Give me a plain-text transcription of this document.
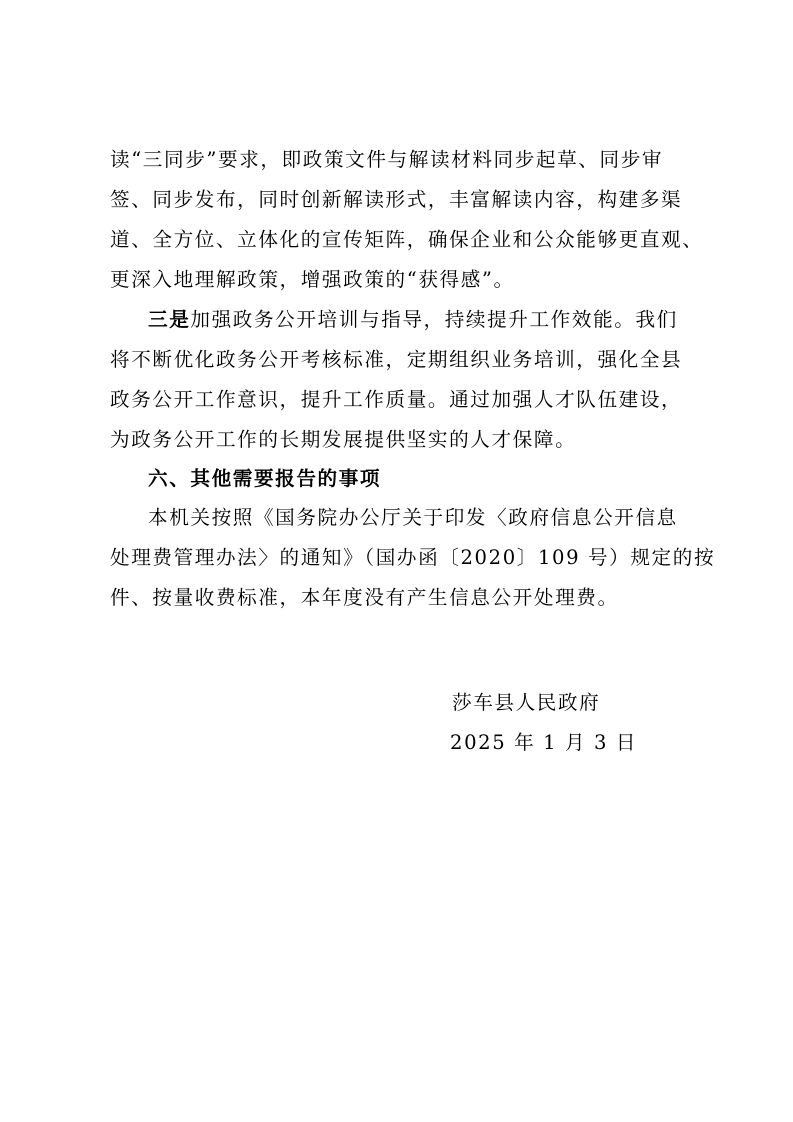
读“三同步”要求，即政策文件与解读材料同步起草、同步审
签、同步发布，同时创新解读形式，丰富解读内容，构建多渠
道、全方位、立体化的宣传矩阵，确保企业和公众能够更直观、
更深入地理解政策，增强政策的“获得感”。
三是加强政务公开培训与指导，持续提升工作效能。我们
将不断优化政务公开考核标准，定期组织业务培训，强化全县
政务公开工作意识，提升工作质量。通过加强人才队伍建设，
为政务公开工作的长期发展提供坚实的人才保障。
六、其他需要报告的事项
本机关按照《国务院办公厅关于印发〈政府信息公开信息
处理费管理办法〉的通知》（国办函〔2020〕109 号）规定的按
件、按量收费标准，本年度没有产生信息公开处理费。
莎车县人民政府
2025 年 1 月 3 日
